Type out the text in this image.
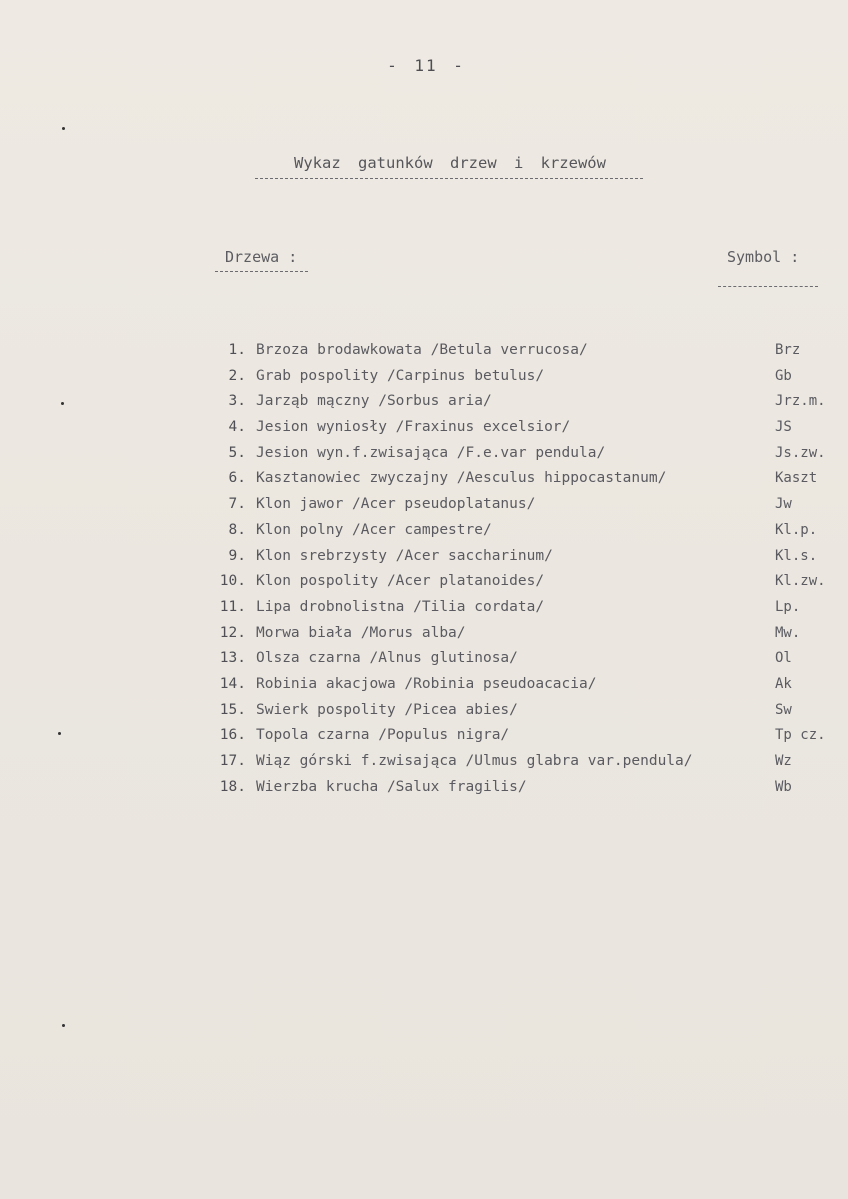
- 11 -
Wykaz gatunków drzew i krzewów
Drzewa :	Symbol :
1. Brzoza brodawkowata /Betula verrucosa/	Brz
2. Grab pospolity /Carpinus betulus/	Gb
3. Jarząb mączny /Sorbus aria/	Jrz.m.
4. Jesion wyniosły /Fraxinus excelsior/	JS
5. Jesion wyn.f.zwisająca /F.e.var pendula/	Js.zw.
6. Kasztanowiec zwyczajny /Aesculus hippocastanum/	Kaszt
7. Klon jawor /Acer pseudoplatanus/	Jw
8. Klon polny /Acer campestre/	Kl.p.
9. Klon srebrzysty /Acer saccharinum/	Kl.s.
10. Klon pospolity /Acer platanoides/	Kl.zw.
11. Lipa drobnolistna /Tilia cordata/	Lp.
12. Morwa biała /Morus alba/	Mw.
13. Olsza czarna /Alnus glutinosa/	Ol
14. Robinia akacjowa /Robinia pseudoacacia/	Ak
15. Swierk pospolity /Picea abies/	Sw
16. Topola czarna /Populus nigra/	Tp cz.
17. Wiąz górski f.zwisająca /Ulmus glabra var.pendula/	Wz
18. Wierzba krucha /Salux fragilis/	Wb
